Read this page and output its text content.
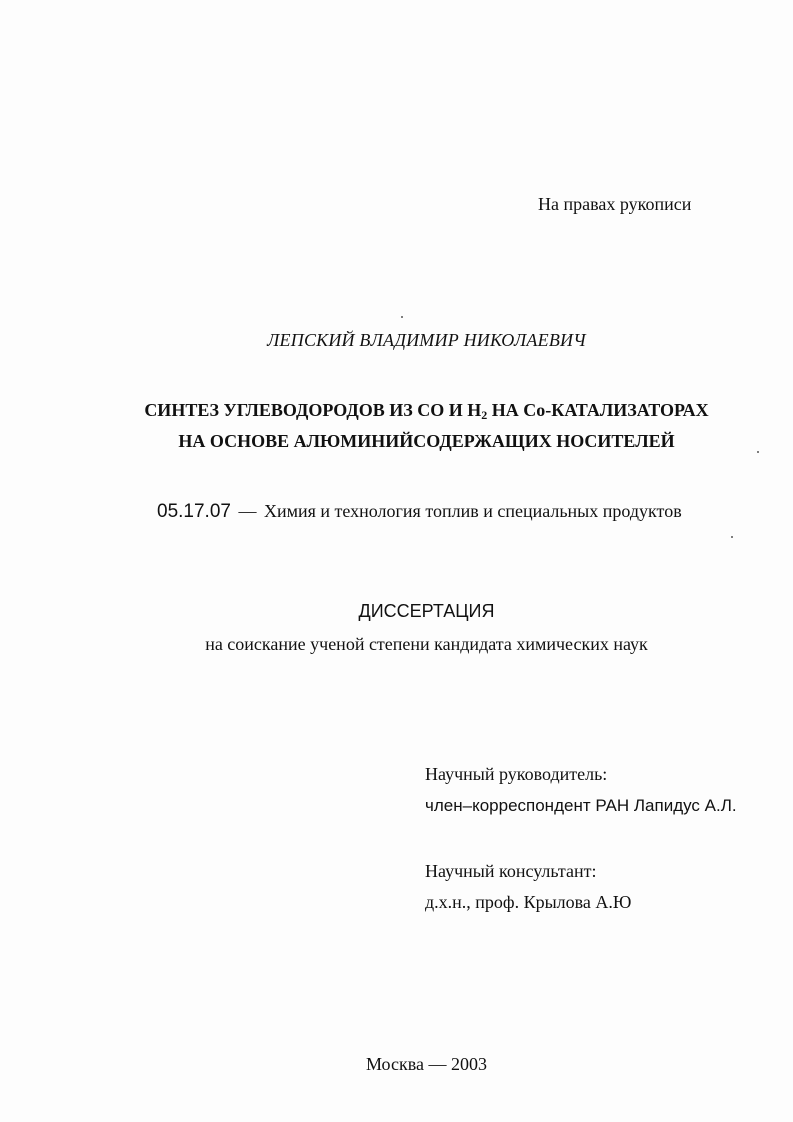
На правах рукописи
ЛЕПСКИЙ ВЛАДИМИР НИКОЛАЕВИЧ
СИНТЕЗ УГЛЕВОДОРОДОВ ИЗ СО И $Н_2$ НА Со-КАТАЛИЗАТОРАХ
НА ОСНОВЕ АЛЮМИНИЙСОДЕРЖАЩИХ НОСИТЕЛЕЙ
05.17.07 — Химия и технология топлив и специальных продуктов
ДИССЕРТАЦИЯ
на соискание ученой степени кандидата химических наук
Научный руководитель:
член–корреспондент РАН Лапидус А.Л.
Научный консультант:
д.х.н., проф. Крылова А.Ю
Москва — 2003
